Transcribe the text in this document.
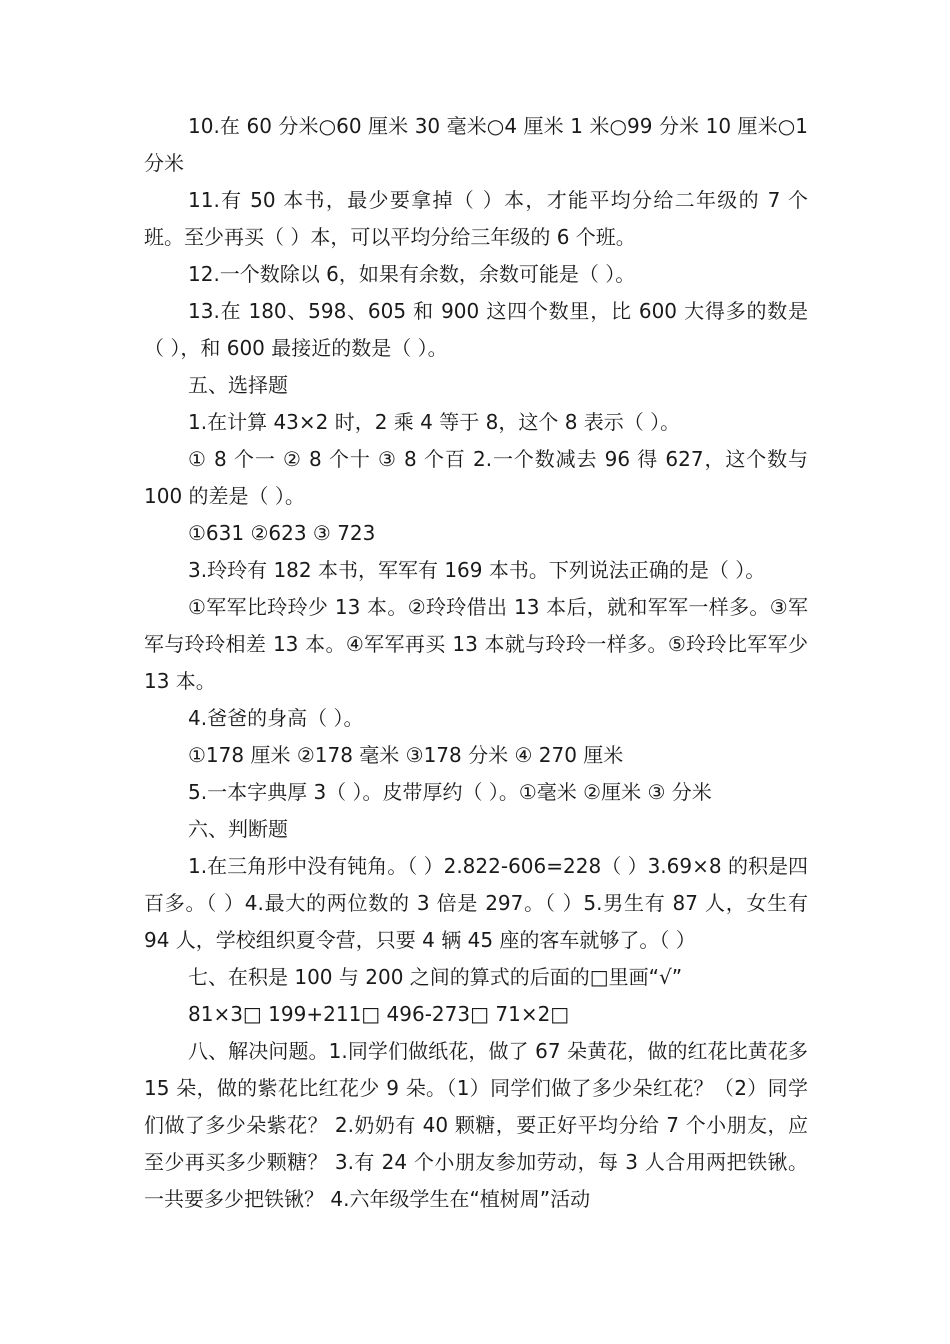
10.在 60 分米○60 厘米 30 毫米○4 厘米 1 米○99 分米 10 厘米○1 分米

11.有 50 本书，最少要拿掉（ ）本，才能平均分给二年级的 7 个班。至少再买（ ）本，可以平均分给三年级的 6 个班。

12.一个数除以 6，如果有余数，余数可能是（ ）。

13.在 180、598、605 和 900 这四个数里，比 600 大得多的数是（ ），和 600 最接近的数是（ ）。

五、选择题

1.在计算 43×2 时，2 乘 4 等于 8，这个 8 表示（ ）。

① 8 个一 ② 8 个十 ③ 8 个百 2.一个数减去 96 得 627，这个数与 100 的差是（ ）。

①631 ②623 ③ 723

3.玲玲有 182 本书，军军有 169 本书。下列说法正确的是（ ）。

①军军比玲玲少 13 本。②玲玲借出 13 本后，就和军军一样多。③军军与玲玲相差 13 本。④军军再买 13 本就与玲玲一样多。⑤玲玲比军军少 13 本。

4.爸爸的身高（ ）。

①178 厘米 ②178 毫米 ③178 分米 ④ 270 厘米

5.一本字典厚 3（ ）。皮带厚约（ ）。①毫米 ②厘米 ③ 分米

六、判断题

1.在三角形中没有钝角。（ ）2.822-606=228（ ）3.69×8 的积是四百多。（ ）4.最大的两位数的 3 倍是 297。（ ）5.男生有 87 人，女生有 94 人，学校组织夏令营，只要 4 辆 45 座的客车就够了。（ ）

七、在积是 100 与 200 之间的算式的后面的□里画“√”

81×3□ 199+211□ 496-273□ 71×2□

八、解决问题。1.同学们做纸花，做了 67 朵黄花，做的红花比黄花多 15 朵，做的紫花比红花少 9 朵。（1）同学们做了多少朵红花？（2）同学们做了多少朵紫花？ 2.奶奶有 40 颗糖，要正好平均分给 7 个小朋友，应至少再买多少颗糖？ 3.有 24 个小朋友参加劳动，每 3 人合用两把铁锹。一共要多少把铁锹？ 4.六年级学生在“植树周”活动
